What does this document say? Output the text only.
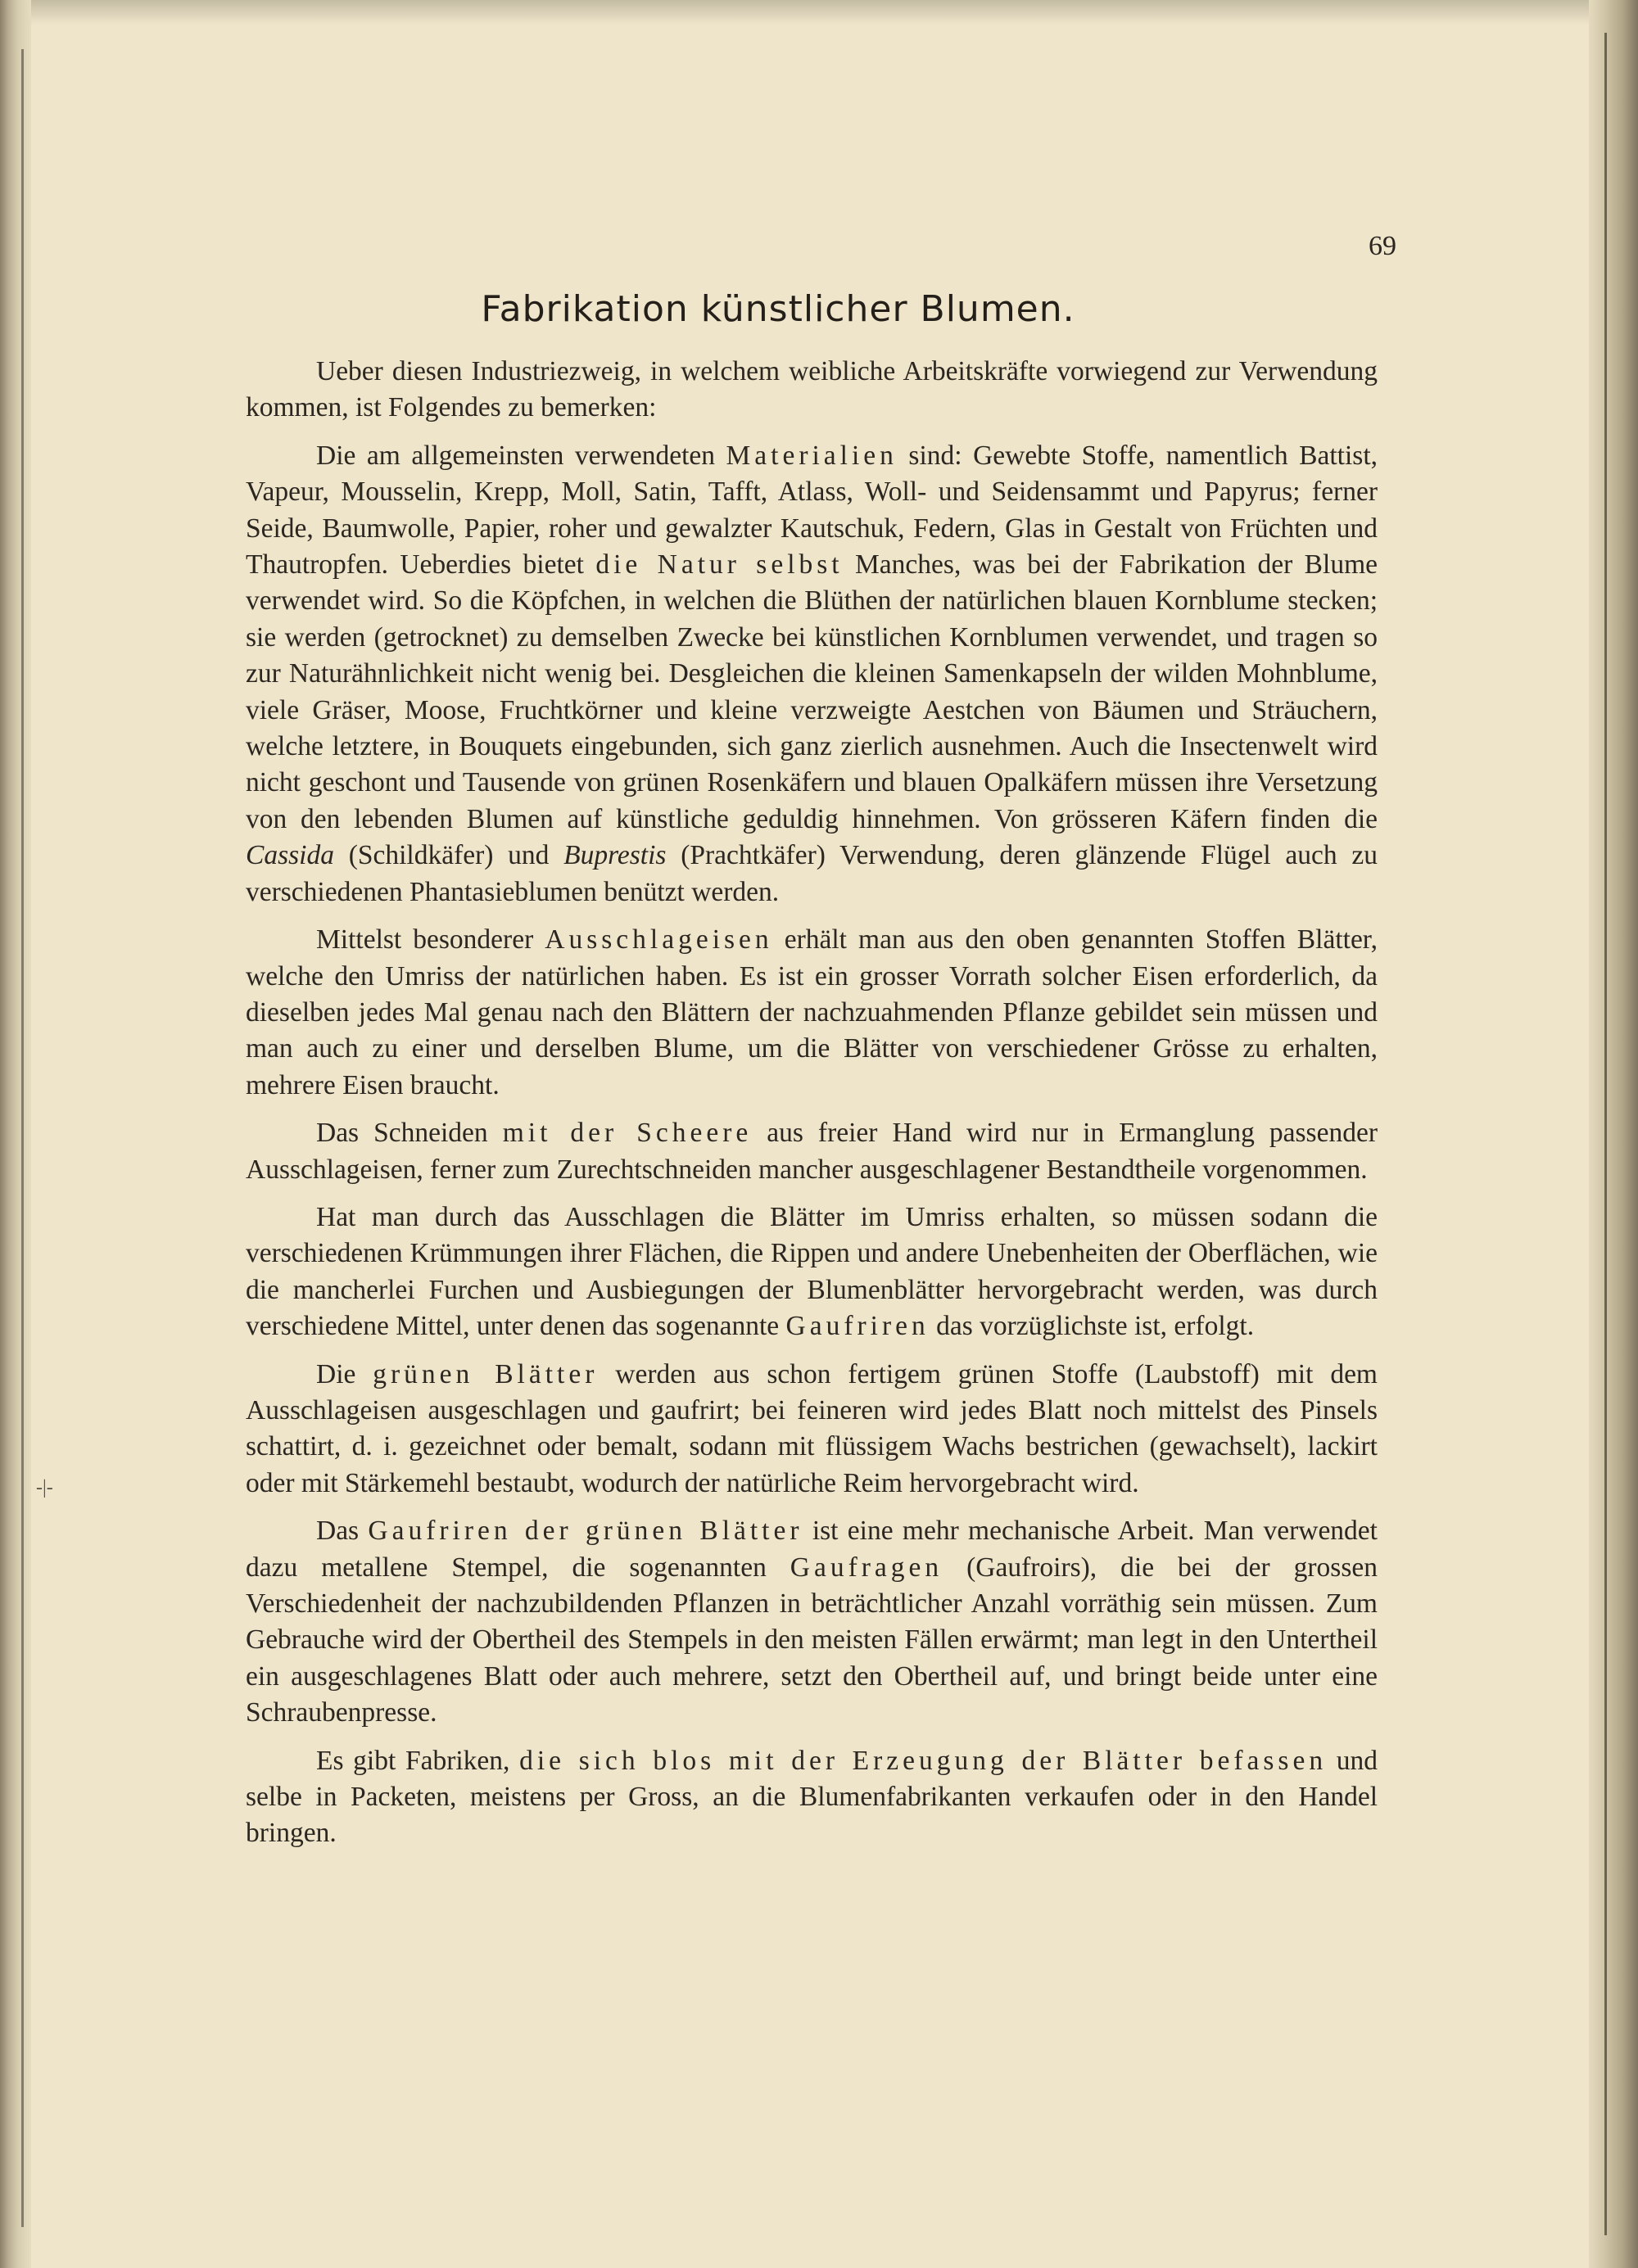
-|-
69
Fabrikation künstlicher Blumen.

Ueber diesen Industriezweig, in welchem weibliche Arbeitskräfte vorwiegend zur Verwendung kommen, ist Folgendes zu bemerken:

Die am allgemeinsten verwendeten Materialien sind: Gewebte Stoffe, namentlich Battist, Vapeur, Mousselin, Krepp, Moll, Satin, Tafft, Atlass, Woll- und Seidensammt und Papyrus; ferner Seide, Baumwolle, Papier, roher und gewalzter Kautschuk, Federn, Glas in Gestalt von Früchten und Thautropfen. Ueberdies bietet die Natur selbst Manches, was bei der Fabrikation der Blume verwendet wird. So die Köpfchen, in welchen die Blüthen der natürlichen blauen Kornblume stecken; sie werden (getrocknet) zu demselben Zwecke bei künstlichen Kornblumen verwendet, und tragen so zur Naturähnlichkeit nicht wenig bei. Desgleichen die kleinen Samenkapseln der wilden Mohnblume, viele Gräser, Moose, Fruchtkörner und kleine verzweigte Aestchen von Bäumen und Sträuchern, welche letztere, in Bouquets eingebunden, sich ganz zierlich ausnehmen. Auch die Insectenwelt wird nicht geschont und Tausende von grünen Rosenkäfern und blauen Opalkäfern müssen ihre Versetzung von den lebenden Blumen auf künstliche geduldig hinnehmen. Von grösseren Käfern finden die Cassida (Schildkäfer) und Buprestis (Prachtkäfer) Verwendung, deren glänzende Flügel auch zu verschiedenen Phantasieblumen benützt werden.

Mittelst besonderer Ausschlageisen erhält man aus den oben genannten Stoffen Blätter, welche den Umriss der natürlichen haben. Es ist ein grosser Vorrath solcher Eisen erforderlich, da dieselben jedes Mal genau nach den Blättern der nachzuahmenden Pflanze gebildet sein müssen und man auch zu einer und derselben Blume, um die Blätter von verschiedener Grösse zu erhalten, mehrere Eisen braucht.

Das Schneiden mit der Scheere aus freier Hand wird nur in Ermanglung passender Ausschlageisen, ferner zum Zurechtschneiden mancher ausgeschlagener Bestandtheile vorgenommen.

Hat man durch das Ausschlagen die Blätter im Umriss erhalten, so müssen sodann die verschiedenen Krümmungen ihrer Flächen, die Rippen und andere Unebenheiten der Oberflächen, wie die mancherlei Furchen und Ausbiegungen der Blumenblätter hervorgebracht werden, was durch verschiedene Mittel, unter denen das sogenannte Gaufriren das vorzüglichste ist, erfolgt.

Die grünen Blätter werden aus schon fertigem grünen Stoffe (Laubstoff) mit dem Ausschlageisen ausgeschlagen und gaufrirt; bei feineren wird jedes Blatt noch mittelst des Pinsels schattirt, d. i. gezeichnet oder bemalt, sodann mit flüssigem Wachs bestrichen (gewachselt), lackirt oder mit Stärkemehl bestaubt, wodurch der natürliche Reim hervorgebracht wird.

Das Gaufriren der grünen Blätter ist eine mehr mechanische Arbeit. Man verwendet dazu metallene Stempel, die sogenannten Gaufragen (Gaufroirs), die bei der grossen Verschiedenheit der nachzubildenden Pflanzen in beträchtlicher Anzahl vorräthig sein müssen. Zum Gebrauche wird der Obertheil des Stempels in den meisten Fällen erwärmt; man legt in den Untertheil ein ausgeschlagenes Blatt oder auch mehrere, setzt den Obertheil auf, und bringt beide unter eine Schraubenpresse.

Es gibt Fabriken, die sich blos mit der Erzeugung der Blätter befassen und selbe in Packeten, meistens per Gross, an die Blumenfabrikanten verkaufen oder in den Handel bringen.
